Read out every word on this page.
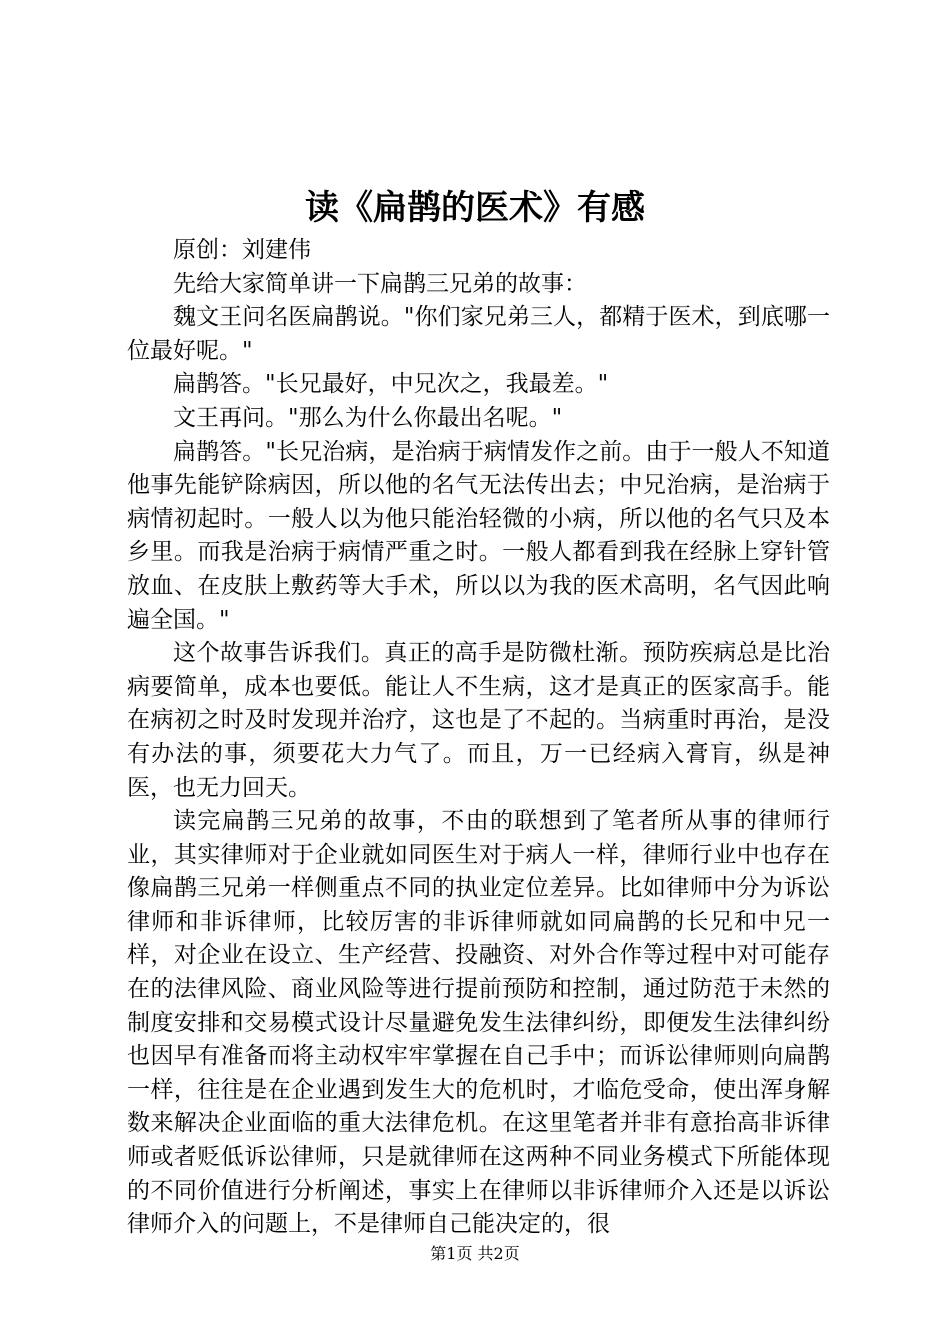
读《扁鹊的医术》有感

原创：刘建伟

先给大家简单讲一下扁鹊三兄弟的故事：

魏文王问名医扁鹊说。"你们家兄弟三人，都精于医术，到底哪一位最好呢。"

扁鹊答。"长兄最好，中兄次之，我最差。"

文王再问。"那么为什么你最出名呢。"

扁鹊答。"长兄治病，是治病于病情发作之前。由于一般人不知道他事先能铲除病因，所以他的名气无法传出去；中兄治病，是治病于病情初起时。一般人以为他只能治轻微的小病，所以他的名气只及本乡里。而我是治病于病情严重之时。一般人都看到我在经脉上穿针管放血、在皮肤上敷药等大手术，所以以为我的医术高明，名气因此响遍全国。"

这个故事告诉我们。真正的高手是防微杜渐。预防疾病总是比治病要简单，成本也要低。能让人不生病，这才是真正的医家高手。能在病初之时及时发现并治疗，这也是了不起的。当病重时再治，是没有办法的事，须要花大力气了。而且，万一已经病入膏肓，纵是神医，也无力回天。

读完扁鹊三兄弟的故事，不由的联想到了笔者所从事的律师行业，其实律师对于企业就如同医生对于病人一样，律师行业中也存在像扁鹊三兄弟一样侧重点不同的执业定位差异。比如律师中分为诉讼律师和非诉律师，比较厉害的非诉律师就如同扁鹊的长兄和中兄一样，对企业在设立、生产经营、投融资、对外合作等过程中对可能存在的法律风险、商业风险等进行提前预防和控制，通过防范于未然的制度安排和交易模式设计尽量避免发生法律纠纷，即便发生法律纠纷也因早有准备而将主动权牢牢掌握在自己手中；而诉讼律师则向扁鹊一样，往往是在企业遇到发生大的危机时，才临危受命，使出浑身解数来解决企业面临的重大法律危机。在这里笔者并非有意抬高非诉律师或者贬低诉讼律师，只是就律师在这两种不同业务模式下所能体现的不同价值进行分析阐述，事实上在律师以非诉律师介入还是以诉讼律师介入的问题上，不是律师自己能决定的，很

第1页 共2页
